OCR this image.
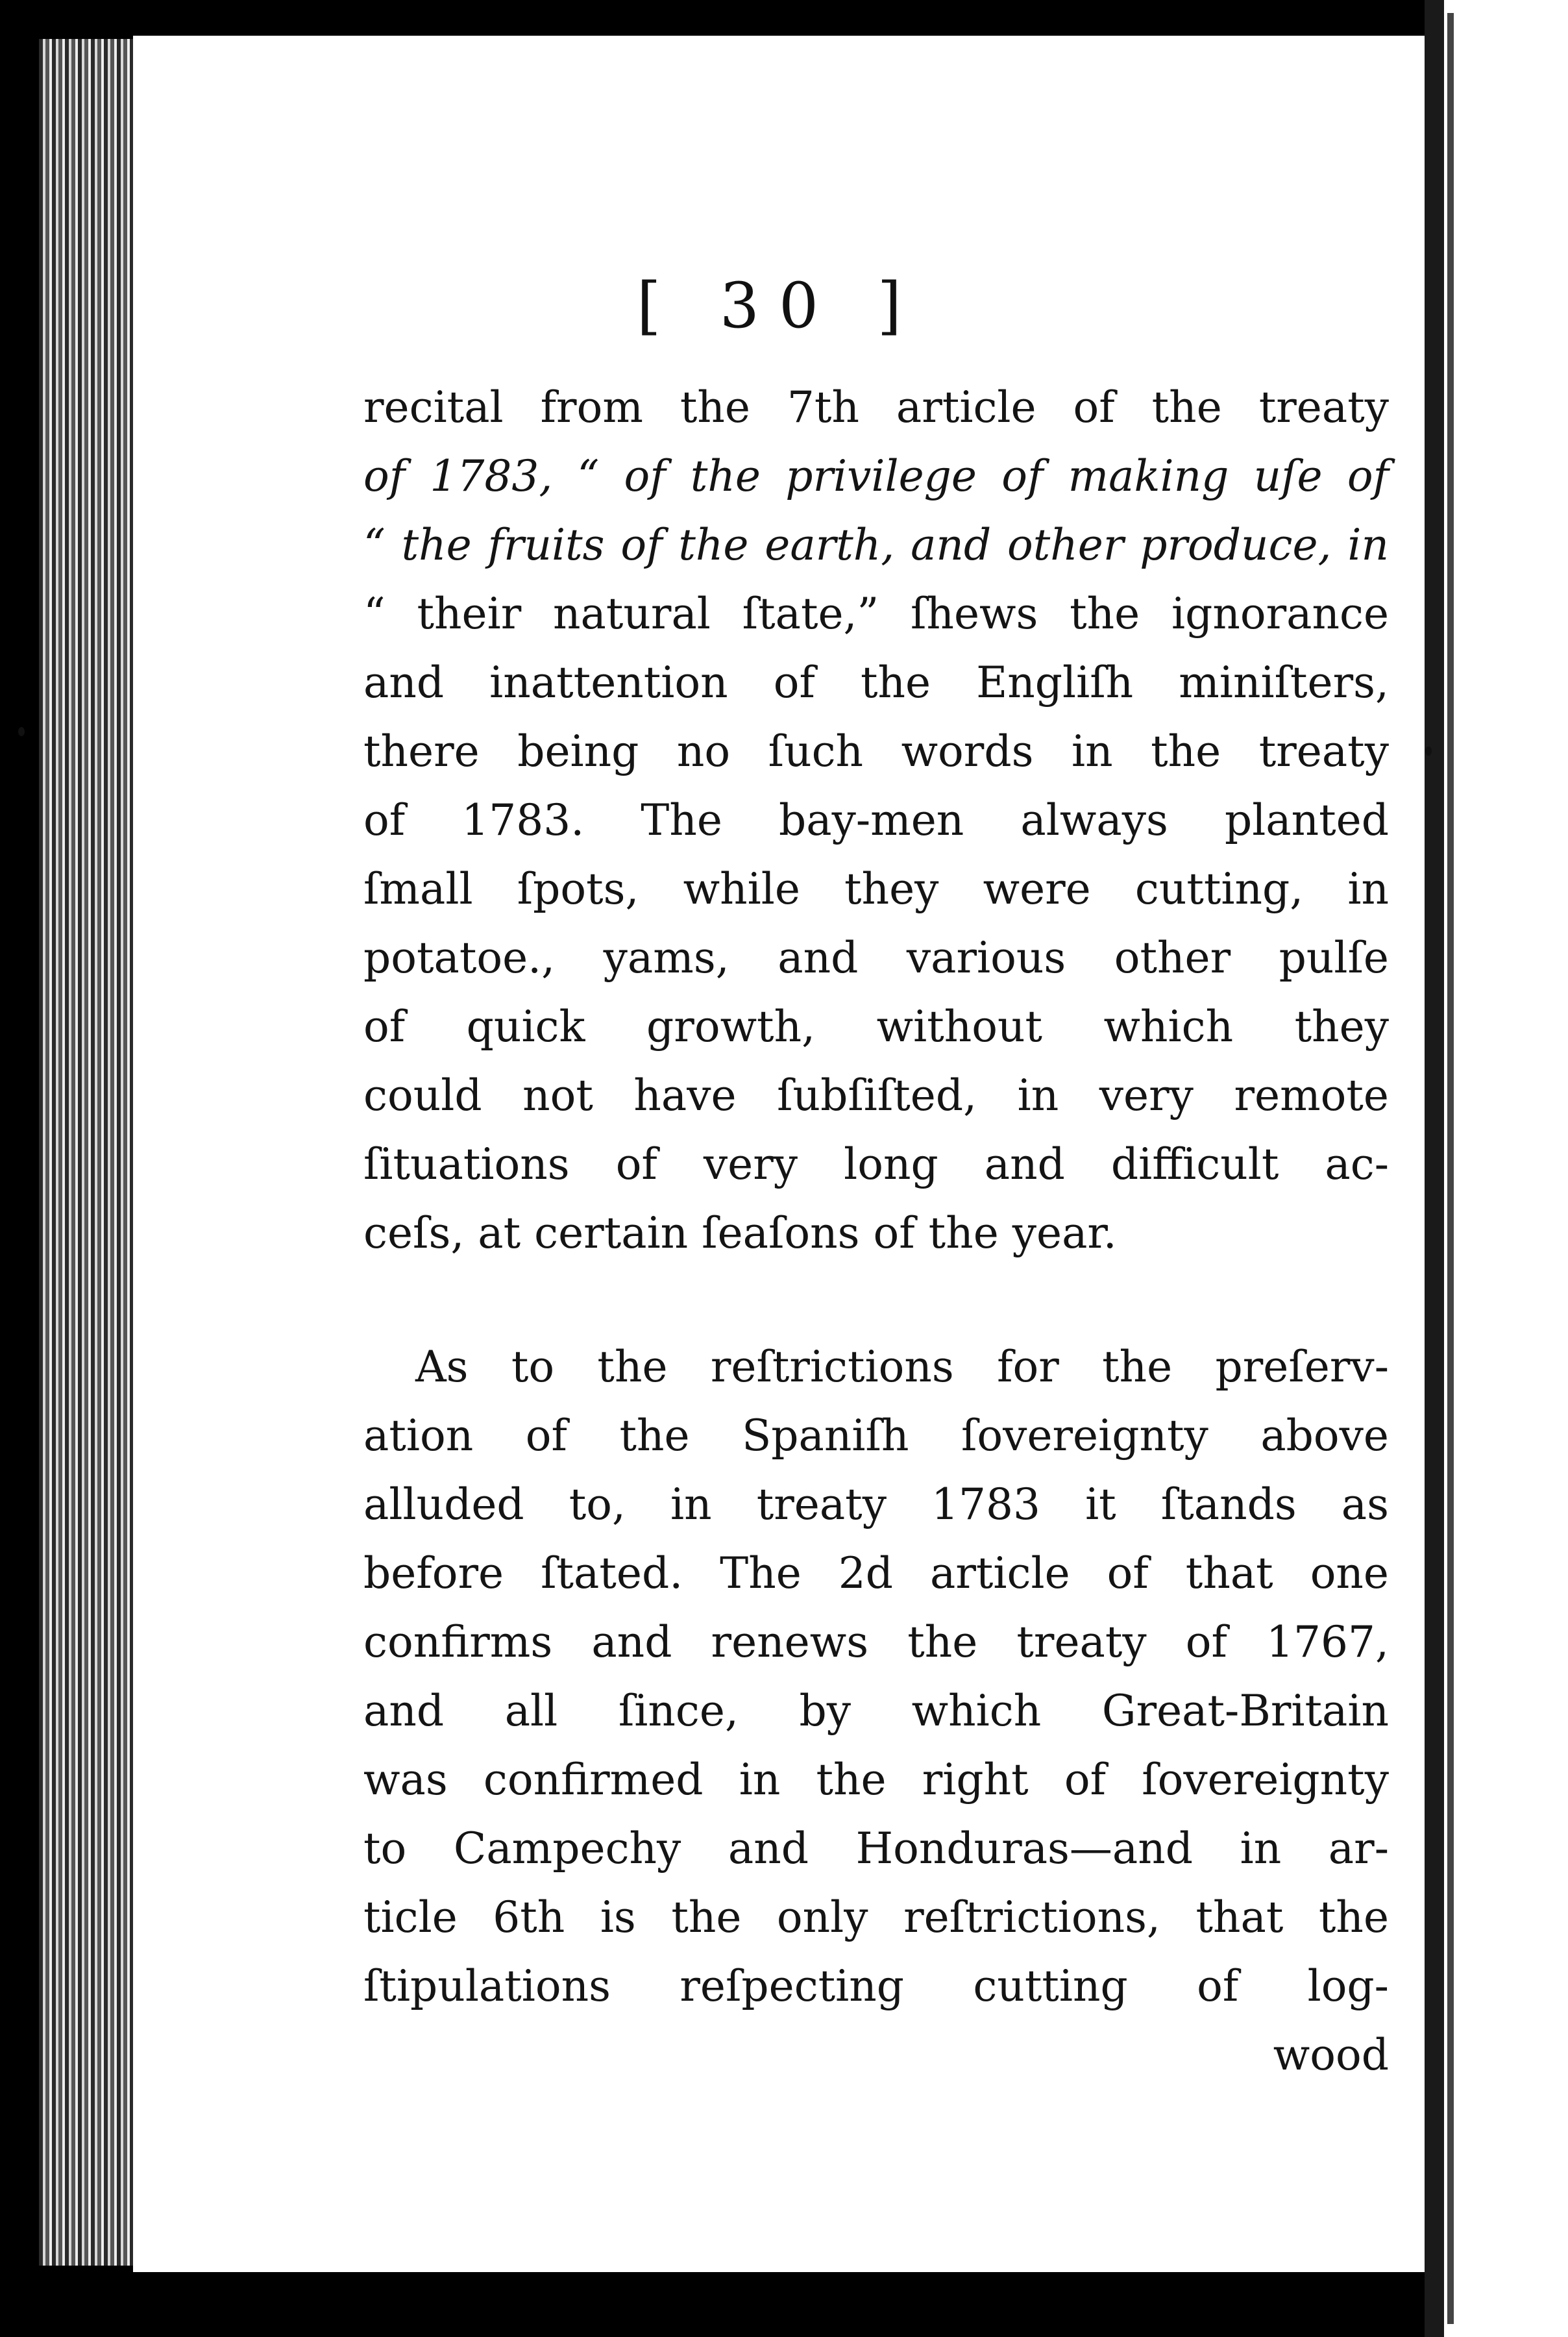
[ 30 ]
recital from the 7th article of the treaty
of 1783, “ of the privilege of making uſe of
“ the fruits of the earth, and other produce, in
“ their natural ſtate,” ſhews the ignorance
and inattention of the Engliſh miniſters,
there being no ſuch words in the treaty
of 1783. The bay-men always planted
ſmall ſpots, while they were cutting, in
potatoe., yams, and various other pulſe
of quick growth, without which they
could not have ſubſiſted, in very remote
ſituations of very long and difficult ac-
ceſs, at certain ſeaſons of the year.
As to the reſtrictions for the preſerv-
ation of the Spaniſh ſovereignty above
alluded to, in treaty 1783 it ſtands as
before ſtated. The 2d article of that one
confirms and renews the treaty of 1767,
and all ſince, by which Great-Britain
was confirmed in the right of ſovereignty
to Campechy and Honduras—and in ar-
ticle 6th is the only reſtrictions, that the
ſtipulations reſpecting cutting of log-
wood
